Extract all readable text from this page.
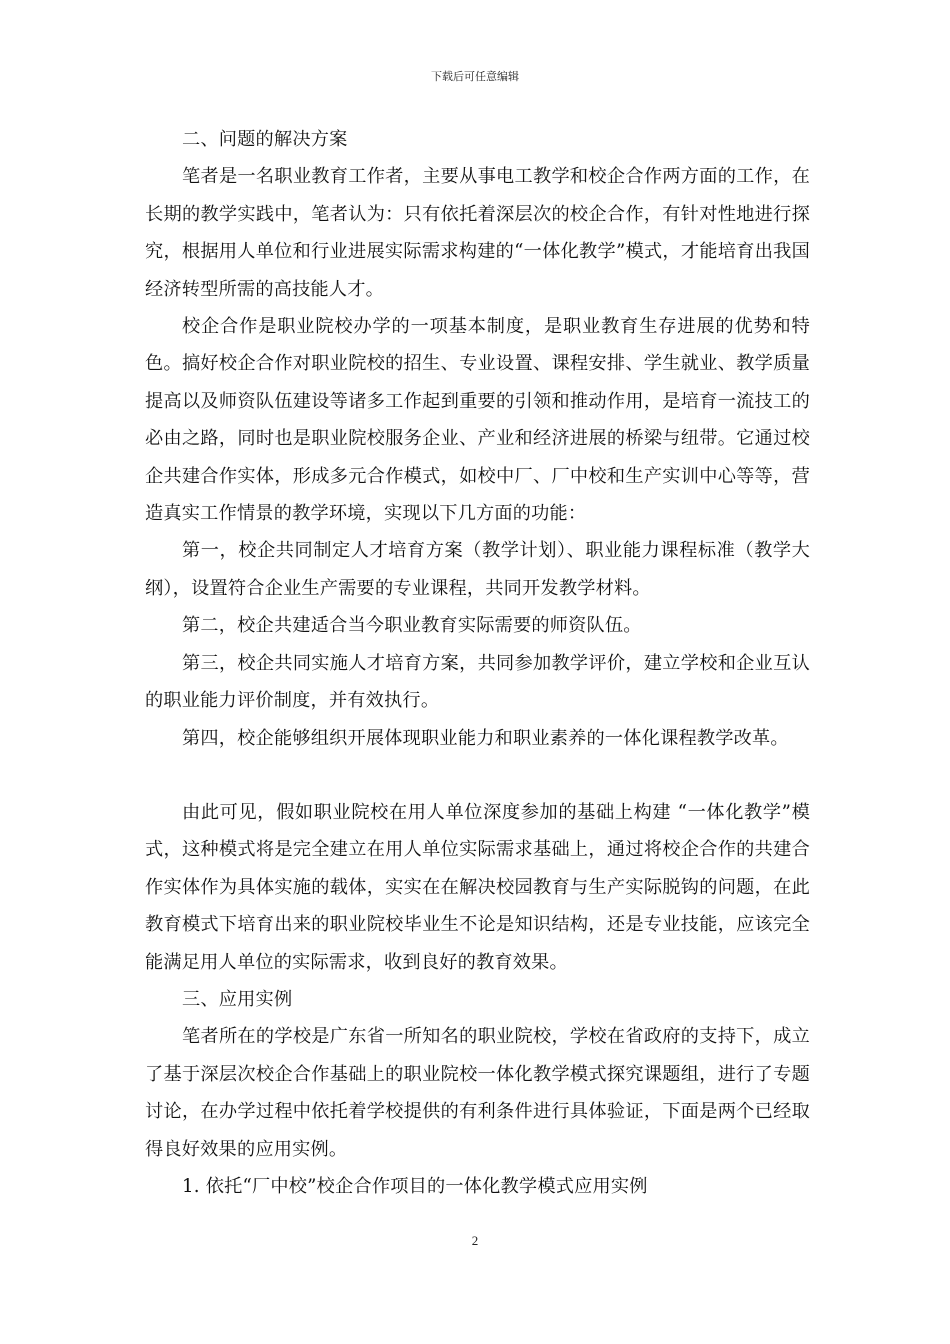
下载后可任意编辑

二、问题的解决方案

笔者是一名职业教育工作者，主要从事电工教学和校企合作两方面的工作，在长期的教学实践中，笔者认为：只有依托着深层次的校企合作，有针对性地进行探究，根据用人单位和行业进展实际需求构建的“一体化教学”模式，才能培育出我国经济转型所需的高技能人才。

校企合作是职业院校办学的一项基本制度，是职业教育生存进展的优势和特色。搞好校企合作对职业院校的招生、专业设置、课程安排、学生就业、教学质量提高以及师资队伍建设等诸多工作起到重要的引领和推动作用，是培育一流技工的必由之路，同时也是职业院校服务企业、产业和经济进展的桥梁与纽带。它通过校企共建合作实体，形成多元合作模式，如校中厂、厂中校和生产实训中心等等，营造真实工作情景的教学环境，实现以下几方面的功能：

第一，校企共同制定人才培育方案（教学计划）、职业能力课程标准（教学大纲），设置符合企业生产需要的专业课程，共同开发教学材料。

第二，校企共建适合当今职业教育实际需要的师资队伍。

第三，校企共同实施人才培育方案，共同参加教学评价，建立学校和企业互认的职业能力评价制度，并有效执行。

第四，校企能够组织开展体现职业能力和职业素养的一体化课程教学改革。

由此可见，假如职业院校在用人单位深度参加的基础上构建 “一体化教学”模式，这种模式将是完全建立在用人单位实际需求基础上，通过将校企合作的共建合作实体作为具体实施的载体，实实在在解决校园教育与生产实际脱钩的问题，在此教育模式下培育出来的职业院校毕业生不论是知识结构，还是专业技能，应该完全能满足用人单位的实际需求，收到良好的教育效果。

三、应用实例

笔者所在的学校是广东省一所知名的职业院校，学校在省政府的支持下，成立了基于深层次校企合作基础上的职业院校一体化教学模式探究课题组，进行了专题讨论，在办学过程中依托着学校提供的有利条件进行具体验证，下面是两个已经取得良好效果的应用实例。

1. 依托“厂中校”校企合作项目的一体化教学模式应用实例

2
